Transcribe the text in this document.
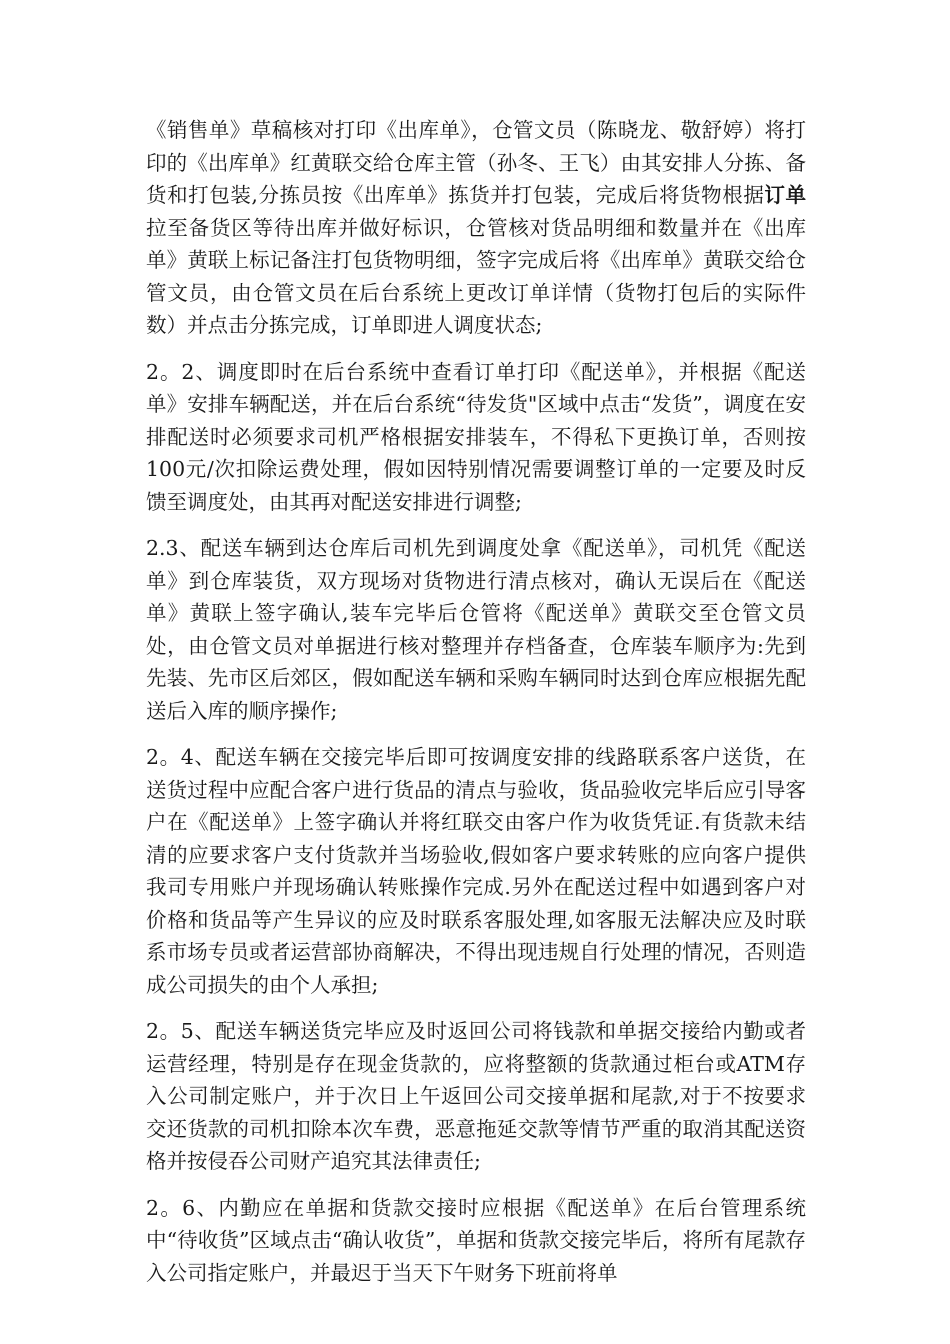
《销售单》草稿核对打印《出库单》，仓管文员（陈晓龙、敬舒婷）将打印的《出库单》红黄联交给仓库主管（孙冬、王飞）由其安排人分拣、备货和打包装,分拣员按《出库单》拣货并打包装，完成后将货物根据订单拉至备货区等待出库并做好标识，仓管核对货品明细和数量并在《出库单》黄联上标记备注打包货物明细，签字完成后将《出库单》黄联交给仓管文员，由仓管文员在后台系统上更改订单详情（货物打包后的实际件数）并点击分拣完成，订单即进人调度状态;

2。2、调度即时在后台系统中查看订单打印《配送单》，并根据《配送单》安排车辆配送，并在后台系统“待发货"区域中点击“发货”，调度在安排配送时必须要求司机严格根据安排装车，不得私下更换订单，否则按100元/次扣除运费处理，假如因特别情况需要调整订单的一定要及时反馈至调度处，由其再对配送安排进行调整;

2.3、配送车辆到达仓库后司机先到调度处拿《配送单》，司机凭《配送单》到仓库装货，双方现场对货物进行清点核对，确认无误后在《配送单》黄联上签字确认,装车完毕后仓管将《配送单》黄联交至仓管文员处，由仓管文员对单据进行核对整理并存档备查，仓库装车顺序为:先到先装、先市区后郊区，假如配送车辆和采购车辆同时达到仓库应根据先配送后入库的顺序操作;

2。4、配送车辆在交接完毕后即可按调度安排的线路联系客户送货，在送货过程中应配合客户进行货品的清点与验收，货品验收完毕后应引导客户在《配送单》上签字确认并将红联交由客户作为收货凭证.有货款未结清的应要求客户支付货款并当场验收,假如客户要求转账的应向客户提供我司专用账户并现场确认转账操作完成.另外在配送过程中如遇到客户对价格和货品等产生异议的应及时联系客服处理,如客服无法解决应及时联系市场专员或者运营部协商解决，不得出现违规自行处理的情况，否则造成公司损失的由个人承担;

2。5、配送车辆送货完毕应及时返回公司将钱款和单据交接给内勤或者运营经理，特别是存在现金货款的，应将整额的货款通过柜台或ATM存入公司制定账户，并于次日上午返回公司交接单据和尾款,对于不按要求交还货款的司机扣除本次车费，恶意拖延交款等情节严重的取消其配送资格并按侵吞公司财产追究其法律责任;

2。6、内勤应在单据和货款交接时应根据《配送单》在后台管理系统中“待收货”区域点击“确认收货”，单据和货款交接完毕后，将所有尾款存入公司指定账户，并最迟于当天下午财务下班前将单
